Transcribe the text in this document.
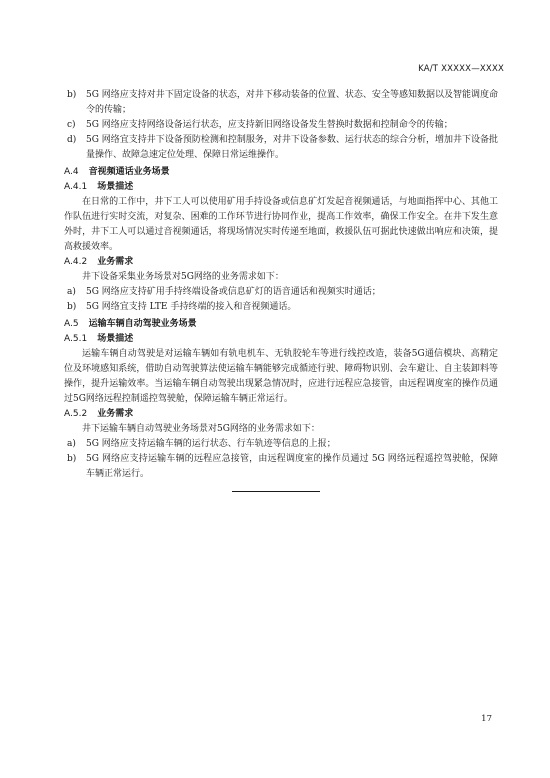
KA/T XXXXX—XXXX
b)	5G 网络应支持对井下固定设备的状态，对井下移动装备的位置、状态、安全等感知数据以及智能调度命令的传输；
c)	5G 网络应支持网络设备运行状态，应支持新旧网络设备发生替换时数据和控制命令的传输；
d)	5G 网络宜支持井下设备预防检测和控制服务，对井下设备参数、运行状态的综合分析，增加井下设备批量操作、故障急速定位处理、保障日常运维操作。
A.4 音视频通话业务场景
A.4.1 场景描述
在日常的工作中，井下工人可以使用矿用手持设备或信息矿灯发起音视频通话，与地面指挥中心、其他工作队伍进行实时交流，对复杂、困难的工作环节进行协同作业，提高工作效率，确保工作安全。在井下发生意外时，井下工人可以通过音视频通话，将现场情况实时传递至地面，救援队伍可据此快速做出响应和决策，提高救援效率。
A.4.2 业务需求
井下设备采集业务场景对5G网络的业务需求如下：
a)	5G 网络应支持矿用手持终端设备或信息矿灯的语音通话和视频实时通话；
b)	5G 网络宜支持 LTE 手持终端的接入和音视频通话。
A.5 运输车辆自动驾驶业务场景
A.5.1 场景描述
运输车辆自动驾驶是对运输车辆如有轨电机车、无轨胶轮车等进行线控改造，装备5G通信模块、高精定位及环境感知系统，借助自动驾驶算法使运输车辆能够完成循迹行驶、障碍物识别、会车避让、自主装卸料等操作，提升运输效率。当运输车辆自动驾驶出现紧急情况时，应进行远程应急接管，由远程调度室的操作员通过5G网络远程控制遥控驾驶舱，保障运输车辆正常运行。
A.5.2 业务需求
井下运输车辆自动驾驶业务场景对5G网络的业务需求如下：
a)	5G 网络应支持运输车辆的运行状态、行车轨迹等信息的上报；
b)	5G 网络应支持运输车辆的远程应急接管，由远程调度室的操作员通过 5G 网络远程遥控驾驶舱，保障车辆正常运行。
17
